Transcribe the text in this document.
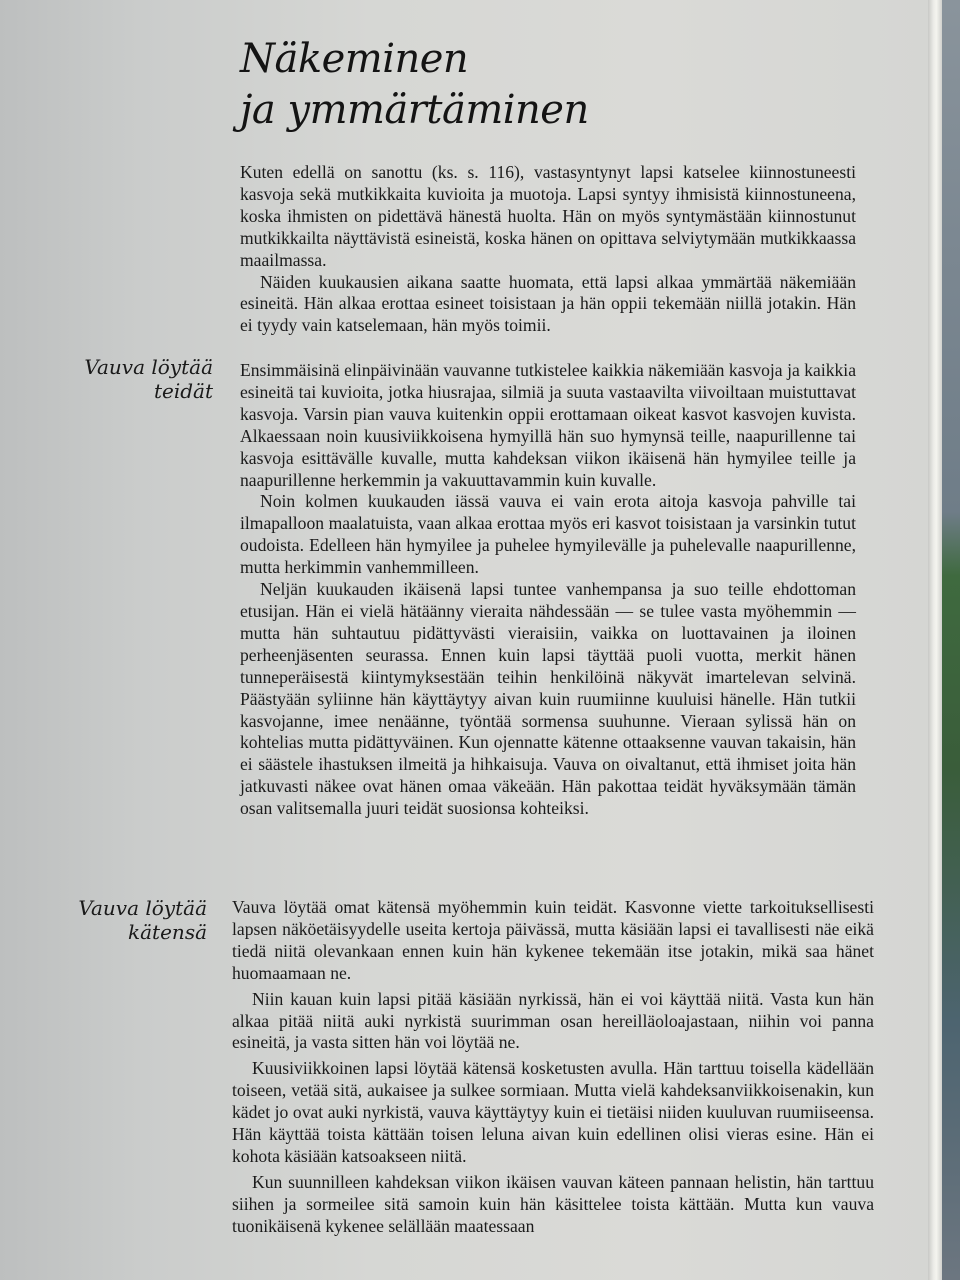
Näkeminen
ja ymmärtäminen

Kuten edellä on sanottu (ks. s. 116), vastasyntynyt lapsi katselee kiinnostuneesti kasvoja sekä mutkikkaita kuvioita ja muotoja. Lapsi syntyy ihmisistä kiinnostuneena, koska ihmisten on pidettävä hänestä huolta. Hän on myös syntymästään kiinnostunut mutkikkailta näyttävistä esineistä, koska hänen on opittava selviytymään mutkikkaassa maailmassa.

Näiden kuukausien aikana saatte huomata, että lapsi alkaa ymmärtää näkemiään esineitä. Hän alkaa erottaa esineet toisistaan ja hän oppii tekemään niillä jotakin. Hän ei tyydy vain katselemaan, hän myös toimii.

Vauva löytää
teidät

Ensimmäisinä elinpäivinään vauvanne tutkistelee kaikkia näkemiään kasvoja ja kaikkia esineitä tai kuvioita, jotka hiusrajaa, silmiä ja suuta vastaavilta viivoiltaan muistuttavat kasvoja. Varsin pian vauva kuitenkin oppii erottamaan oikeat kasvot kasvojen kuvista. Alkaessaan noin kuusiviikkoisena hymyillä hän suo hymynsä teille, naapurillenne tai kasvoja esittävälle kuvalle, mutta kahdeksan viikon ikäisenä hän hymyilee teille ja naapurillenne herkemmin ja vakuuttavammin kuin kuvalle.

Noin kolmen kuukauden iässä vauva ei vain erota aitoja kasvoja pahville tai ilmapalloon maalatuista, vaan alkaa erottaa myös eri kasvot toisistaan ja varsinkin tutut oudoista. Edelleen hän hymyilee ja puhelee hymyilevälle ja puhelevalle naapurillenne, mutta herkimmin vanhemmilleen.

Neljän kuukauden ikäisenä lapsi tuntee vanhempansa ja suo teille ehdottoman etusijan. Hän ei vielä hätäänny vieraita nähdessään — se tulee vasta myöhemmin — mutta hän suhtautuu pidättyvästi vieraisiin, vaikka on luottavainen ja iloinen perheenjäsenten seurassa. Ennen kuin lapsi täyttää puoli vuotta, merkit hänen tunneperäisestä kiintymyksestään teihin henkilöinä näkyvät imartelevan selvinä. Päästyään syliinne hän käyttäytyy aivan kuin ruumiinne kuuluisi hänelle. Hän tutkii kasvojanne, imee nenäänne, työntää sormensa suuhunne. Vieraan sylissä hän on kohtelias mutta pidättyväinen. Kun ojennatte kätenne ottaaksenne vauvan takaisin, hän ei säästele ihastuksen ilmeitä ja hihkaisuja. Vauva on oivaltanut, että ihmiset joita hän jatkuvasti näkee ovat hänen omaa väkeään. Hän pakottaa teidät hyväksymään tämän osan valitsemalla juuri teidät suosionsa kohteiksi.

Vauva löytää
kätensä

Vauva löytää omat kätensä myöhemmin kuin teidät. Kasvonne viette tarkoituksellisesti lapsen näköetäisyydelle useita kertoja päivässä, mutta käsiään lapsi ei tavallisesti näe eikä tiedä niitä olevankaan ennen kuin hän kykenee tekemään itse jotakin, mikä saa hänet huomaamaan ne.

Niin kauan kuin lapsi pitää käsiään nyrkissä, hän ei voi käyttää niitä. Vasta kun hän alkaa pitää niitä auki nyrkistä suurimman osan hereilläoloajastaan, niihin voi panna esineitä, ja vasta sitten hän voi löytää ne.

Kuusiviikkoinen lapsi löytää kätensä kosketusten avulla. Hän tarttuu toisella kädellään toiseen, vetää sitä, aukaisee ja sulkee sormiaan. Mutta vielä kahdeksanviikkoisenakin, kun kädet jo ovat auki nyrkistä, vauva käyttäytyy kuin ei tietäisi niiden kuuluvan ruumiiseensa. Hän käyttää toista kättään toisen leluna aivan kuin edellinen olisi vieras esine. Hän ei kohota käsiään katsoakseen niitä.

Kun suunnilleen kahdeksan viikon ikäisen vauvan käteen pannaan helistin, hän tarttuu siihen ja sormeilee sitä samoin kuin hän käsittelee toista kättään. Mutta kun vauva tuonikäisenä kykenee selällään maatessaan
